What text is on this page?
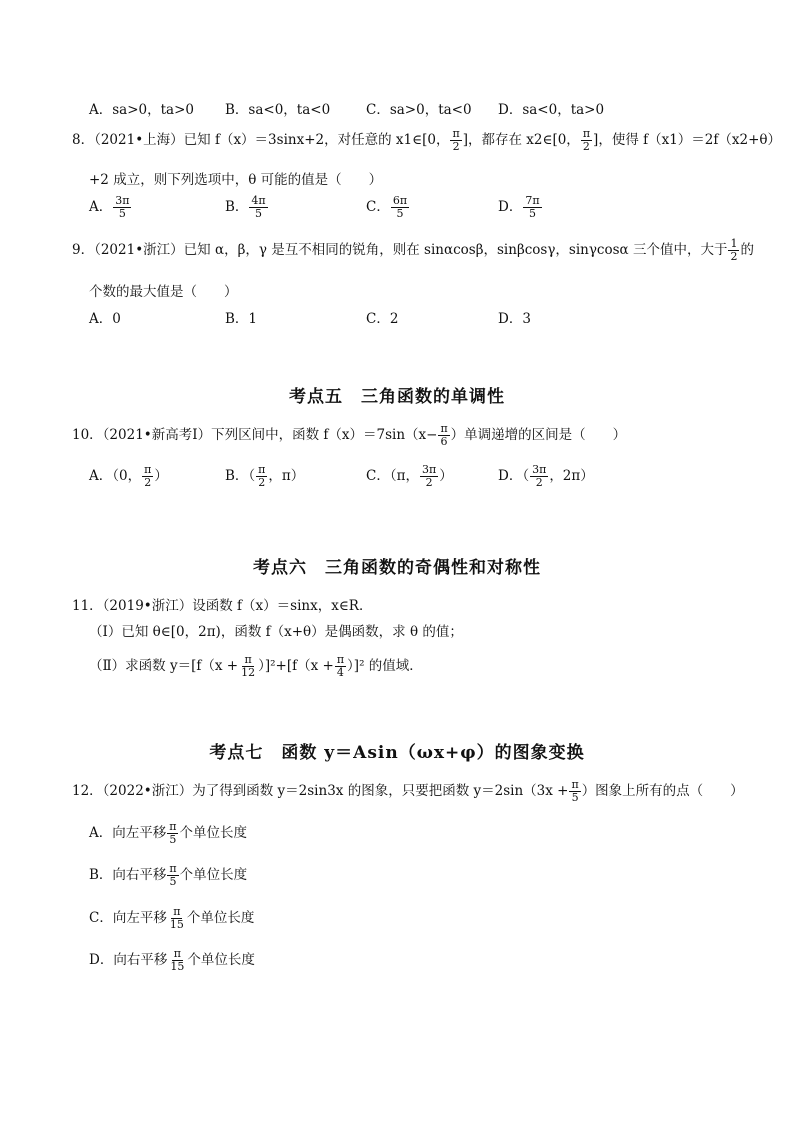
A．sa>0，ta>0 B．sa<0，ta<0	C．sa>0，ta<0 D．sa<0，ta>0
8．（2021•上海）已知 f（x）＝3sinx+2，对任意的 x1∈[0， $\frac{\pi}{2}$ ]，都存在 x2∈[0， $\frac{\pi}{2}$ ]，使得 f（x1）＝2f（x2+θ）
+2 成立，则下列选项中，θ 可能的值是（　　）
A． $\frac{3\pi}{5}$	B． $\frac{4\pi}{5}$	C． $\frac{6\pi}{5}$	D． $\frac{7\pi}{5}$
9．（2021•浙江）已知 α，β，γ 是互不相同的锐角，则在 sinαcosβ，sinβcosγ，sinγcosα 三个值中，大于 $\frac{1}{2}$ 的
个数的最大值是（　　）
A．0	B．1	C．2	D．3
考点五　三角函数的单调性
10．（2021•新高考Ⅰ）下列区间中，函数 $f(x)=7\sin(x- \frac{\pi}{6}$ ）单调递增的区间是（　　）
A．（0， $\frac{\pi}{2}$ ）	B．（ $\frac{\pi}{2}$ ，π）	C．（π， $\frac{3\pi}{2}$ ）	D．（ $\frac{3\pi}{2}$ ，2π）
考点六　三角函数的奇偶性和对称性
11．（2019•浙江）设函数 f（x）＝sinx，x∈R．
（Ⅰ）已知 θ∈[0，2π)，函数 f（x+θ）是偶函数，求 θ 的值；
（Ⅱ）求函数 $y=[f(x + \frac{\pi}{12} )]^2+[f(x + \frac{\pi}{4} )]^2$ 的值域．
考点七　函数 y＝Asin（ωx+φ）的图象变换
12．（2022•浙江）为了得到函数 y＝2sin3x 的图象，只要把函数 $y=2\sin(3x + \frac{\pi}{5}$ ）图象上所有的点（　　）
A．向左平移 $\frac{\pi}{5}$ 个单位长度
B．向右平移 $\frac{\pi}{5}$ 个单位长度
C．向左平移 $\frac{\pi}{15}$ 个单位长度
D．向右平移 $\frac{\pi}{15}$ 个单位长度
